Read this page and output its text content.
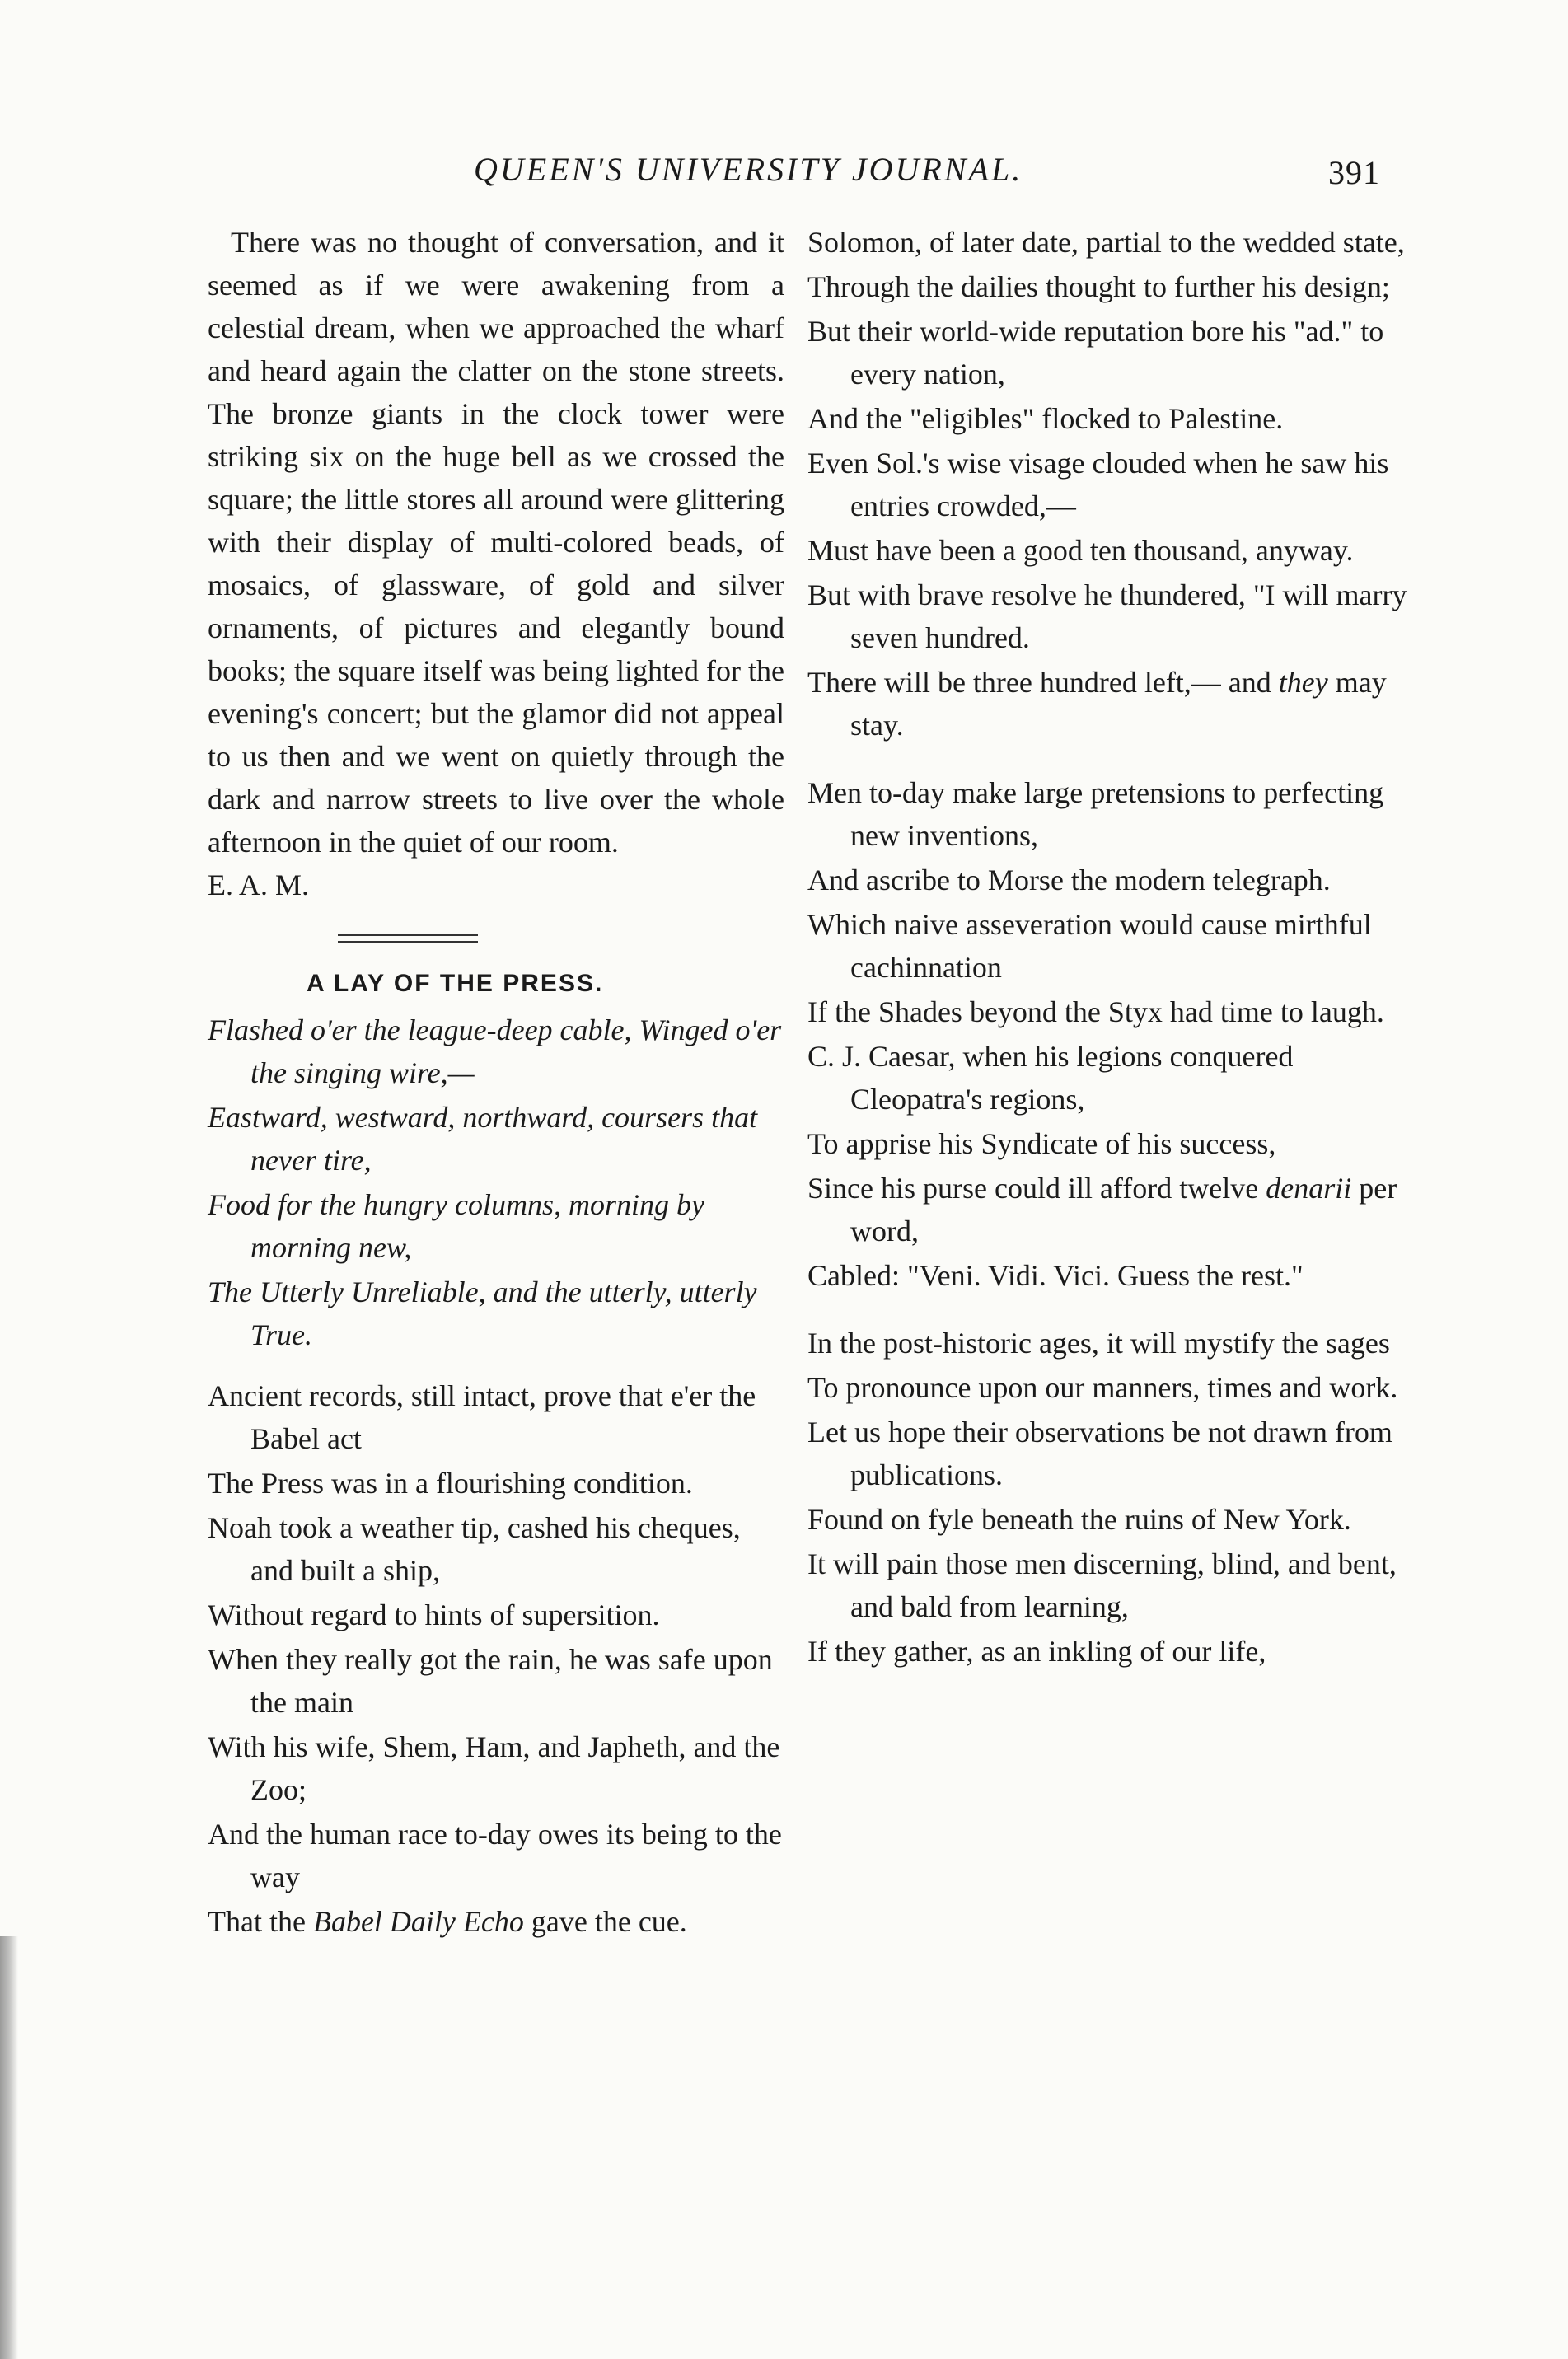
QUEEN'S UNIVERSITY JOURNAL.	391

There was no thought of conversation, and it seemed as if we were awakening from a celestial dream, when we approached the wharf and heard again the clatter on the stone streets. The bronze giants in the clock tower were striking six on the huge bell as we crossed the square; the little stores all around were glittering with their display of multi-colored beads, of mosaics, of glassware, of gold and silver ornaments, of pictures and elegantly bound books; the square itself was being lighted for the evening's concert; but the glamor did not appeal to us then and we went on quietly through the dark and narrow streets to live over the whole afternoon in the quiet of our room.

E. A. M.

A LAY OF THE PRESS.
Flashed o'er the league-deep cable, Winged o'er the singing wire,—
Eastward, westward, northward, coursers that never tire,
Food for the hungry columns, morning by morning new,
The Utterly Unreliable, and the utterly, utterly True.
Ancient records, still intact, prove that e'er the Babel act
The Press was in a flourishing condition.
Noah took a weather tip, cashed his cheques, and built a ship,
Without regard to hints of supersition.
When they really got the rain, he was safe upon the main
With his wife, Shem, Ham, and Japheth, and the Zoo;
And the human race to-day owes its being to the way
That the Babel Daily Echo gave the cue.
Solomon, of later date, partial to the wedded state,
Through the dailies thought to further his design;
But their world-wide reputation bore his "ad." to every nation,
And the "eligibles" flocked to Palestine.
Even Sol.'s wise visage clouded when he saw his entries crowded,—
Must have been a good ten thousand, anyway.
But with brave resolve he thundered, "I will marry seven hundred.
There will be three hundred left,— and they may stay.
Men to-day make large pretensions to perfecting new inventions,
And ascribe to Morse the modern telegraph.
Which naive asseveration would cause mirthful cachinnation
If the Shades beyond the Styx had time to laugh.
C. J. Caesar, when his legions conquered Cleopatra's regions,
To apprise his Syndicate of his success,
Since his purse could ill afford twelve denarii per word,
Cabled: "Veni. Vidi. Vici. Guess the rest."
In the post-historic ages, it will mystify the sages
To pronounce upon our manners, times and work.
Let us hope their observations be not drawn from publications.
Found on fyle beneath the ruins of New York.
It will pain those men discerning, blind, and bent, and bald from learning,
If they gather, as an inkling of our life,
